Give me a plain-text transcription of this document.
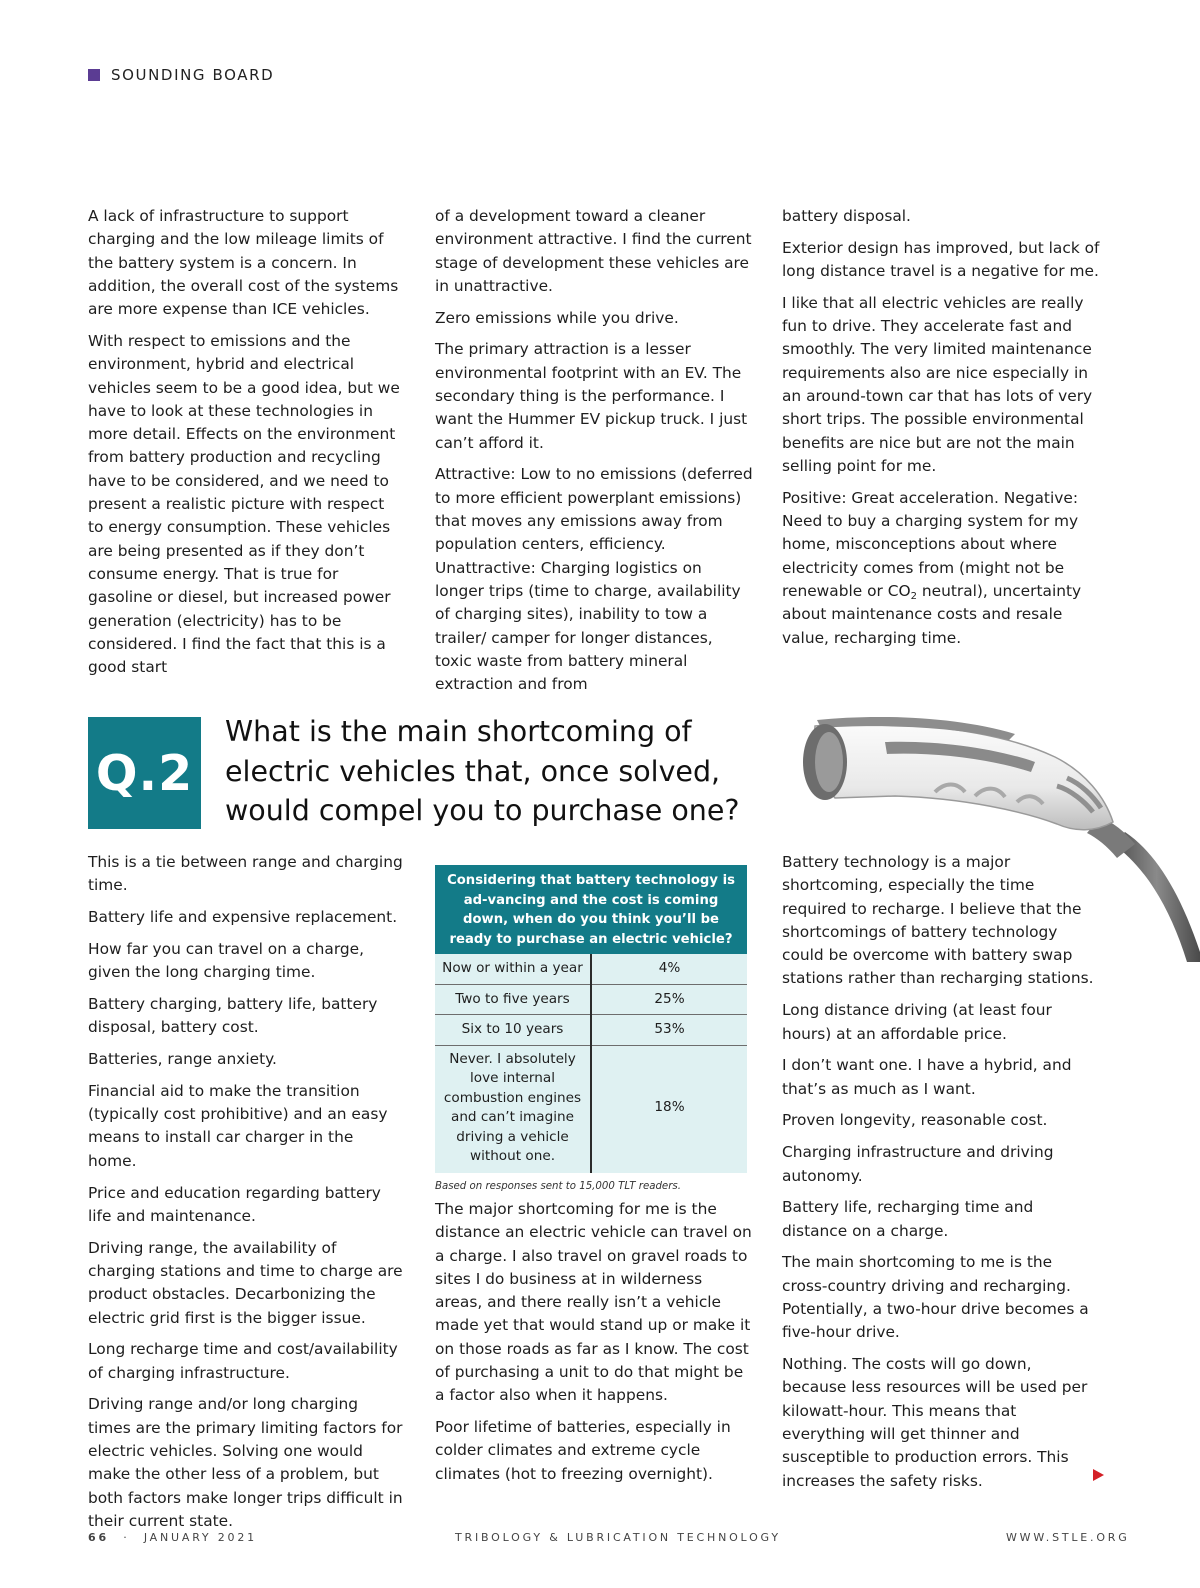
SOUNDING BOARD

A lack of infrastructure to support charging and the low mileage limits of the battery system is a concern. In addition, the overall cost of the systems are more expense than ICE vehicles.

With respect to emissions and the environment, hybrid and electrical vehicles seem to be a good idea, but we have to look at these technologies in more detail. Effects on the environment from battery production and recycling have to be considered, and we need to present a realistic picture with respect to energy consumption. These vehicles are being presented as if they don’t consume energy. That is true for gasoline or diesel, but increased power generation (electricity) has to be considered. I find the fact that this is a good start

of a development toward a cleaner environment attractive. I find the current stage of development these vehicles are in unattractive.

Zero emissions while you drive.

The primary attraction is a lesser environmental footprint with an EV. The secondary thing is the performance. I want the Hummer EV pickup truck. I just can’t afford it.

Attractive: Low to no emissions (deferred to more efficient powerplant emissions) that moves any emissions away from population centers, efficiency. Unattractive: Charging logistics on longer trips (time to charge, availability of charging sites), inability to tow a trailer/ camper for longer distances, toxic waste from battery mineral extraction and from

battery disposal.

Exterior design has improved, but lack of long distance travel is a negative for me.

I like that all electric vehicles are really fun to drive. They accelerate fast and smoothly. The very limited maintenance requirements also are nice especially in an around-town car that has lots of very short trips. The possible environmental benefits are nice but are not the main selling point for me.

Positive: Great acceleration. Negative: Need to buy a charging system for my home, misconceptions about where electricity comes from (might not be renewable or $CO_2$ neutral), uncertainty about maintenance costs and resale value, recharging time.

Q.2
What is the main shortcoming of electric vehicles that, once solved, would compel you to purchase one?

This is a tie between range and charging time.

Battery life and expensive replacement.

How far you can travel on a charge, given the long charging time.

Battery charging, battery life, battery disposal, battery cost.

Batteries, range anxiety.

Financial aid to make the transition (typically cost prohibitive) and an easy means to install car charger in the home.

Price and education regarding battery life and maintenance.

Driving range, the availability of charging stations and time to charge are product obstacles. Decarbonizing the electric grid first is the bigger issue.

Long recharge time and cost/availability of charging infrastructure.

Driving range and/or long charging times are the primary limiting factors for electric vehicles. Solving one would make the other less of a problem, but both factors make longer trips difficult in their current state.

Considering that battery technology is ad-vancing and the cost is coming down, when do you think you’ll be ready to purchase an electric vehicle?	
Now or within a year	4%
Two to five years	25%
Six to 10 years	53%
Never. I absolutely love internal combustion engines and can’t imagine driving a vehicle without one.	18%
Based on responses sent to 15,000 TLT readers.

The major shortcoming for me is the distance an electric vehicle can travel on a charge. I also travel on gravel roads to sites I do business at in wilderness areas, and there really isn’t a vehicle made yet that would stand up or make it on those roads as far as I know. The cost of purchasing a unit to do that might be a factor also when it happens.

Poor lifetime of batteries, especially in colder climates and extreme cycle climates (hot to freezing overnight).

Battery technology is a major shortcoming, especially the time required to recharge. I believe that the shortcomings of battery technology could be overcome with battery swap stations rather than recharging stations.

Long distance driving (at least four hours) at an affordable price.

I don’t want one. I have a hybrid, and that’s as much as I want.

Proven longevity, reasonable cost.

Charging infrastructure and driving autonomy.

Battery life, recharging time and distance on a charge.

The main shortcoming to me is the cross-country driving and recharging. Potentially, a two-hour drive becomes a five-hour drive.

Nothing. The costs will go down, because less resources will be used per kilowatt-hour. This means that everything will get thinner and susceptible to production errors. This increases the safety risks.

66 · JANUARY 2021	TRIBOLOGY & LUBRICATION TECHNOLOGY	WWW.STLE.ORG
